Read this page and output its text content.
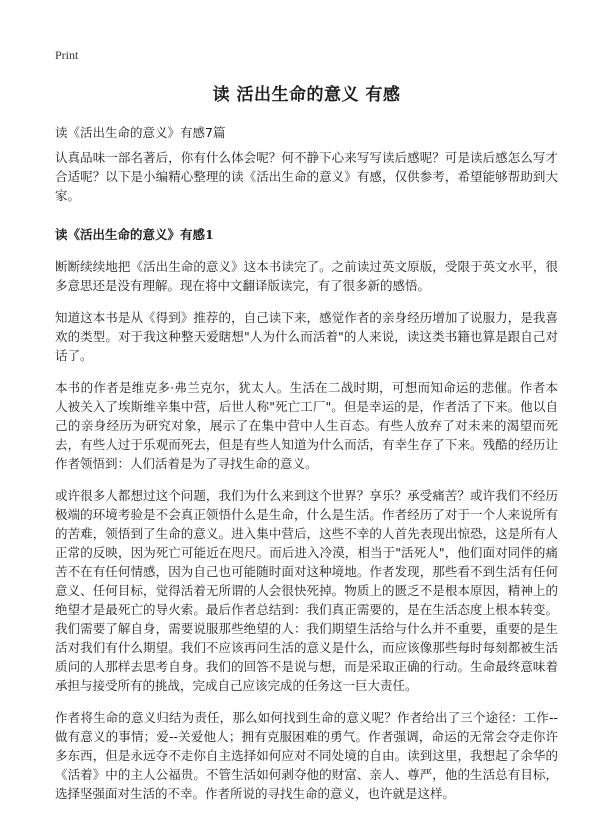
Print
读 活出生命的意义 有感

读《活出生命的意义》有感7篇

认真品味一部名著后，你有什么体会呢？何不静下心来写写读后感呢？可是读后感怎么写才合适呢？以下是小编精心整理的读《活出生命的意义》有感，仅供参考，希望能够帮助到大家。

读《活出生命的意义》有感1

断断续续地把《活出生命的意义》这本书读完了。之前读过英文原版，受限于英文水平，很多意思还是没有理解。现在将中文翻译版读完，有了很多新的感悟。

知道这本书是从《得到》推荐的，自己读下来，感觉作者的亲身经历增加了说服力，是我喜欢的类型。对于我这种整天爱瞎想"人为什么而活着"的人来说，读这类书籍也算是跟自己对话了。

本书的作者是维克多·弗兰克尔，犹太人。生活在二战时期，可想而知命运的悲催。作者本人被关入了埃斯维辛集中营，后世人称"死亡工厂"。但是幸运的是，作者活了下来。他以自己的亲身经历为研究对象，展示了在集中营中人生百态。有些人放弃了对未来的渴望而死去，有些人过于乐观而死去，但是有些人知道为什么而活，有幸生存了下来。残酷的经历让作者领悟到：人们活着是为了寻找生命的意义。

或许很多人都想过这个问题，我们为什么来到这个世界？享乐？承受痛苦？或许我们不经历极端的环境考验是不会真正领悟什么是生命，什么是生活。作者经历了对于一个人来说所有的苦难，领悟到了生命的意义。进入集中营后，这些不幸的人首先表现出惊恐，这是所有人正常的反映，因为死亡可能近在咫尺。而后进入冷漠，相当于"活死人"，他们面对同伴的痛苦不在有任何情感，因为自己也可能随时面对这种境地。作者发现，那些看不到生活有任何意义、任何目标，觉得活着无所谓的人会很快死掉。物质上的匮乏不是根本原因，精神上的绝望才是最死亡的导火索。最后作者总结到：我们真正需要的，是在生活态度上根本转变。我们需要了解自身，需要说服那些绝望的人：我们期望生活给与什么并不重要，重要的是生活对我们有什么期望。我们不应该再问生活的意义是什么，而应该像那些每时每刻都被生活质问的人那样去思考自身。我们的回答不是说与想，而是采取正确的行动。生命最终意味着承担与接受所有的挑战，完成自己应该完成的任务这一巨大责任。

作者将生命的意义归结为责任，那么如何找到生命的意义呢？作者给出了三个途径：工作--做有意义的事情；爱--关爱他人；拥有克服困难的勇气。作者强调，命运的无常会夺走你许多东西，但是永远夺不走你自主选择如何应对不同处境的自由。读到这里，我想起了余华的《活着》中的主人公福贵。不管生活如何剥夺他的财富、亲人、尊严，他的生活总有目标，选择坚强面对生活的不幸。作者所说的寻找生命的意义，也许就是这样。
